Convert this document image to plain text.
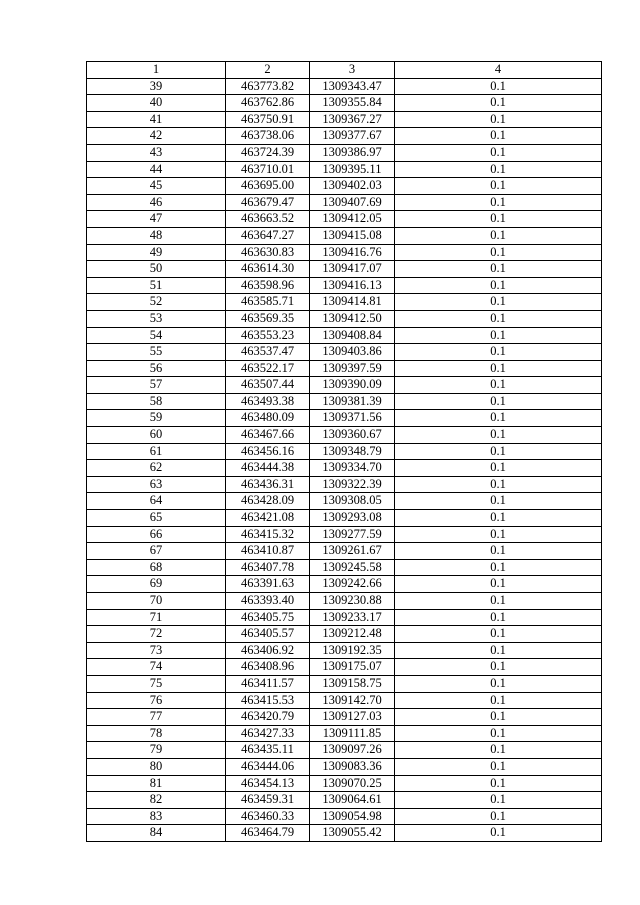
1	2	3	4
39	463773.82	1309343.47	0.1
40	463762.86	1309355.84	0.1
41	463750.91	1309367.27	0.1
42	463738.06	1309377.67	0.1
43	463724.39	1309386.97	0.1
44	463710.01	1309395.11	0.1
45	463695.00	1309402.03	0.1
46	463679.47	1309407.69	0.1
47	463663.52	1309412.05	0.1
48	463647.27	1309415.08	0.1
49	463630.83	1309416.76	0.1
50	463614.30	1309417.07	0.1
51	463598.96	1309416.13	0.1
52	463585.71	1309414.81	0.1
53	463569.35	1309412.50	0.1
54	463553.23	1309408.84	0.1
55	463537.47	1309403.86	0.1
56	463522.17	1309397.59	0.1
57	463507.44	1309390.09	0.1
58	463493.38	1309381.39	0.1
59	463480.09	1309371.56	0.1
60	463467.66	1309360.67	0.1
61	463456.16	1309348.79	0.1
62	463444.38	1309334.70	0.1
63	463436.31	1309322.39	0.1
64	463428.09	1309308.05	0.1
65	463421.08	1309293.08	0.1
66	463415.32	1309277.59	0.1
67	463410.87	1309261.67	0.1
68	463407.78	1309245.58	0.1
69	463391.63	1309242.66	0.1
70	463393.40	1309230.88	0.1
71	463405.75	1309233.17	0.1
72	463405.57	1309212.48	0.1
73	463406.92	1309192.35	0.1
74	463408.96	1309175.07	0.1
75	463411.57	1309158.75	0.1
76	463415.53	1309142.70	0.1
77	463420.79	1309127.03	0.1
78	463427.33	1309111.85	0.1
79	463435.11	1309097.26	0.1
80	463444.06	1309083.36	0.1
81	463454.13	1309070.25	0.1
82	463459.31	1309064.61	0.1
83	463460.33	1309054.98	0.1
84	463464.79	1309055.42	0.1
